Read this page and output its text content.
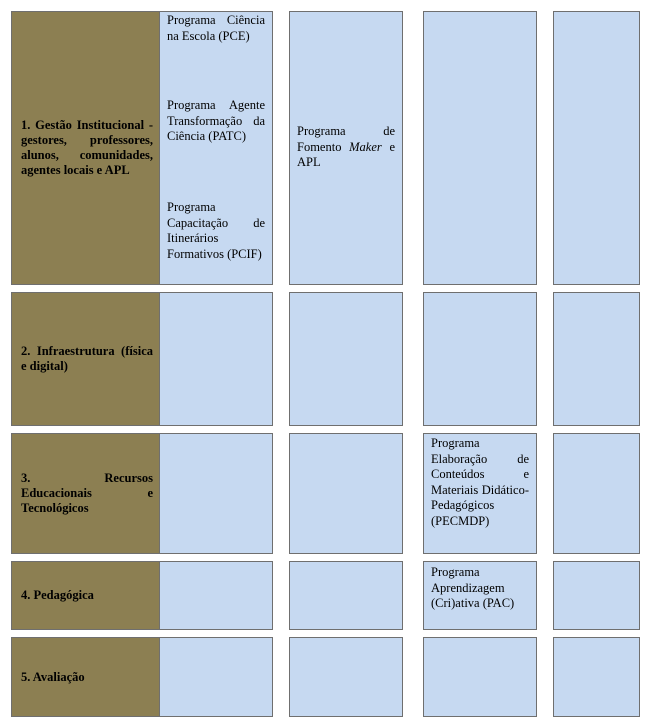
1. Gestão Institucional - gestores, professores, alunos, comunidades, agentes locais e APL
2. Infraestrutura (física e digital)
3. Recursos Educacionais e Tecnológicos
4. Pedagógica
5. Avaliação
Programa Ciência na Escola (PCE)
Programa Agente Transformação da Ciência (PATC)
Programa Capacitação de Itinerários Formativos (PCIF)
Programa de Fomento Maker e APL
Programa Elaboração de Conteúdos e Materiais Didático-Pedagógicos (PECMDP)
Programa Aprendizagem (Cri)ativa (PAC)
